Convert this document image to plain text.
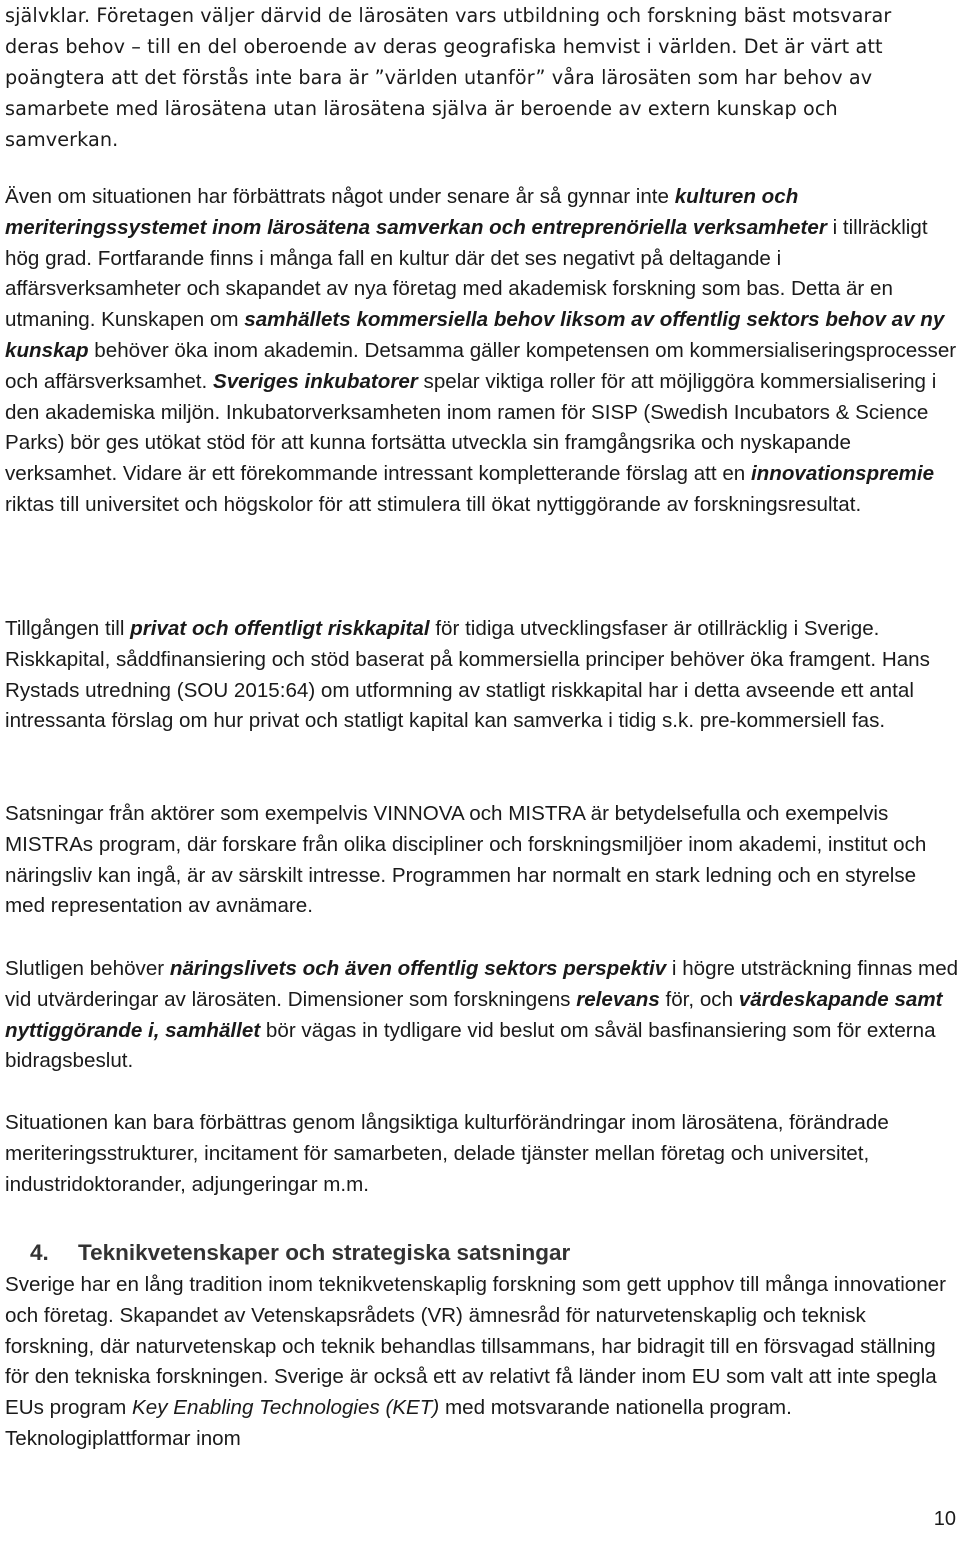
självklar. Företagen väljer därvid de lärosäten vars utbildning och forskning bäst motsvarar
deras behov – till en del oberoende av deras geografiska hemvist i världen. Det är värt att
poängtera att det förstås inte bara är ”världen utanför” våra lärosäten som har behov av
samarbete med lärosätena utan lärosätena själva är beroende av extern kunskap och
samverkan.

Även om situationen har förbättrats något under senare år så gynnar inte kulturen och meriteringssystemet inom lärosätena samverkan och entreprenöriella verksamheter i tillräckligt hög grad. Fortfarande finns i många fall en kultur där det ses negativt på deltagande i affärsverksamheter och skapandet av nya företag med akademisk forskning som bas. Detta är en utmaning. Kunskapen om samhällets kommersiella behov liksom av offentlig sektors behov av ny kunskap behöver öka inom akademin. Detsamma gäller kompetensen om kommersialiseringsprocesser och affärsverksamhet. Sveriges inkubatorer spelar viktiga roller för att möjliggöra kommersialisering i den akademiska miljön. Inkubatorverksamheten inom ramen för SISP (Swedish Incubators & Science Parks) bör ges utökat stöd för att kunna fortsätta utveckla sin framgångsrika och nyskapande verksamhet. Vidare är ett förekommande intressant kompletterande förslag att en innovationspremie riktas till universitet och högskolor för att stimulera till ökat nyttiggörande av forskningsresultat.

Tillgången till privat och offentligt riskkapital för tidiga utvecklingsfaser är otillräcklig i Sverige. Riskkapital, såddfinansiering och stöd baserat på kommersiella principer behöver öka framgent. Hans Rystads utredning (SOU 2015:64) om utformning av statligt riskkapital har i detta avseende ett antal intressanta förslag om hur privat och statligt kapital kan samverka i tidig s.k. pre-kommersiell fas.

Satsningar från aktörer som exempelvis VINNOVA och MISTRA är betydelsefulla och exempelvis MISTRAs program, där forskare från olika discipliner och forskningsmiljöer inom akademi, institut och näringsliv kan ingå, är av särskilt intresse. Programmen har normalt en stark ledning och en styrelse med representation av avnämare.

Slutligen behöver näringslivets och även offentlig sektors perspektiv i högre utsträckning finnas med vid utvärderingar av lärosäten. Dimensioner som forskningens relevans för, och värdeskapande samt nyttiggörande i, samhället bör vägas in tydligare vid beslut om såväl basfinansiering som för externa bidragsbeslut.

Situationen kan bara förbättras genom långsiktiga kulturförändringar inom lärosätena, förändrade meriteringsstrukturer, incitament för samarbeten, delade tjänster mellan företag och universitet, industridoktorander, adjungeringar m.m.

4. Teknikvetenskaper och strategiska satsningar

Sverige har en lång tradition inom teknikvetenskaplig forskning som gett upphov till många innovationer och företag. Skapandet av Vetenskapsrådets (VR) ämnesråd för naturvetenskaplig och teknisk forskning, där naturvetenskap och teknik behandlas tillsammans, har bidragit till en försvagad ställning för den tekniska forskningen. Sverige är också ett av relativt få länder inom EU som valt att inte spegla EUs program Key Enabling Technologies (KET) med motsvarande nationella program. Teknologiplattformar inom

10
